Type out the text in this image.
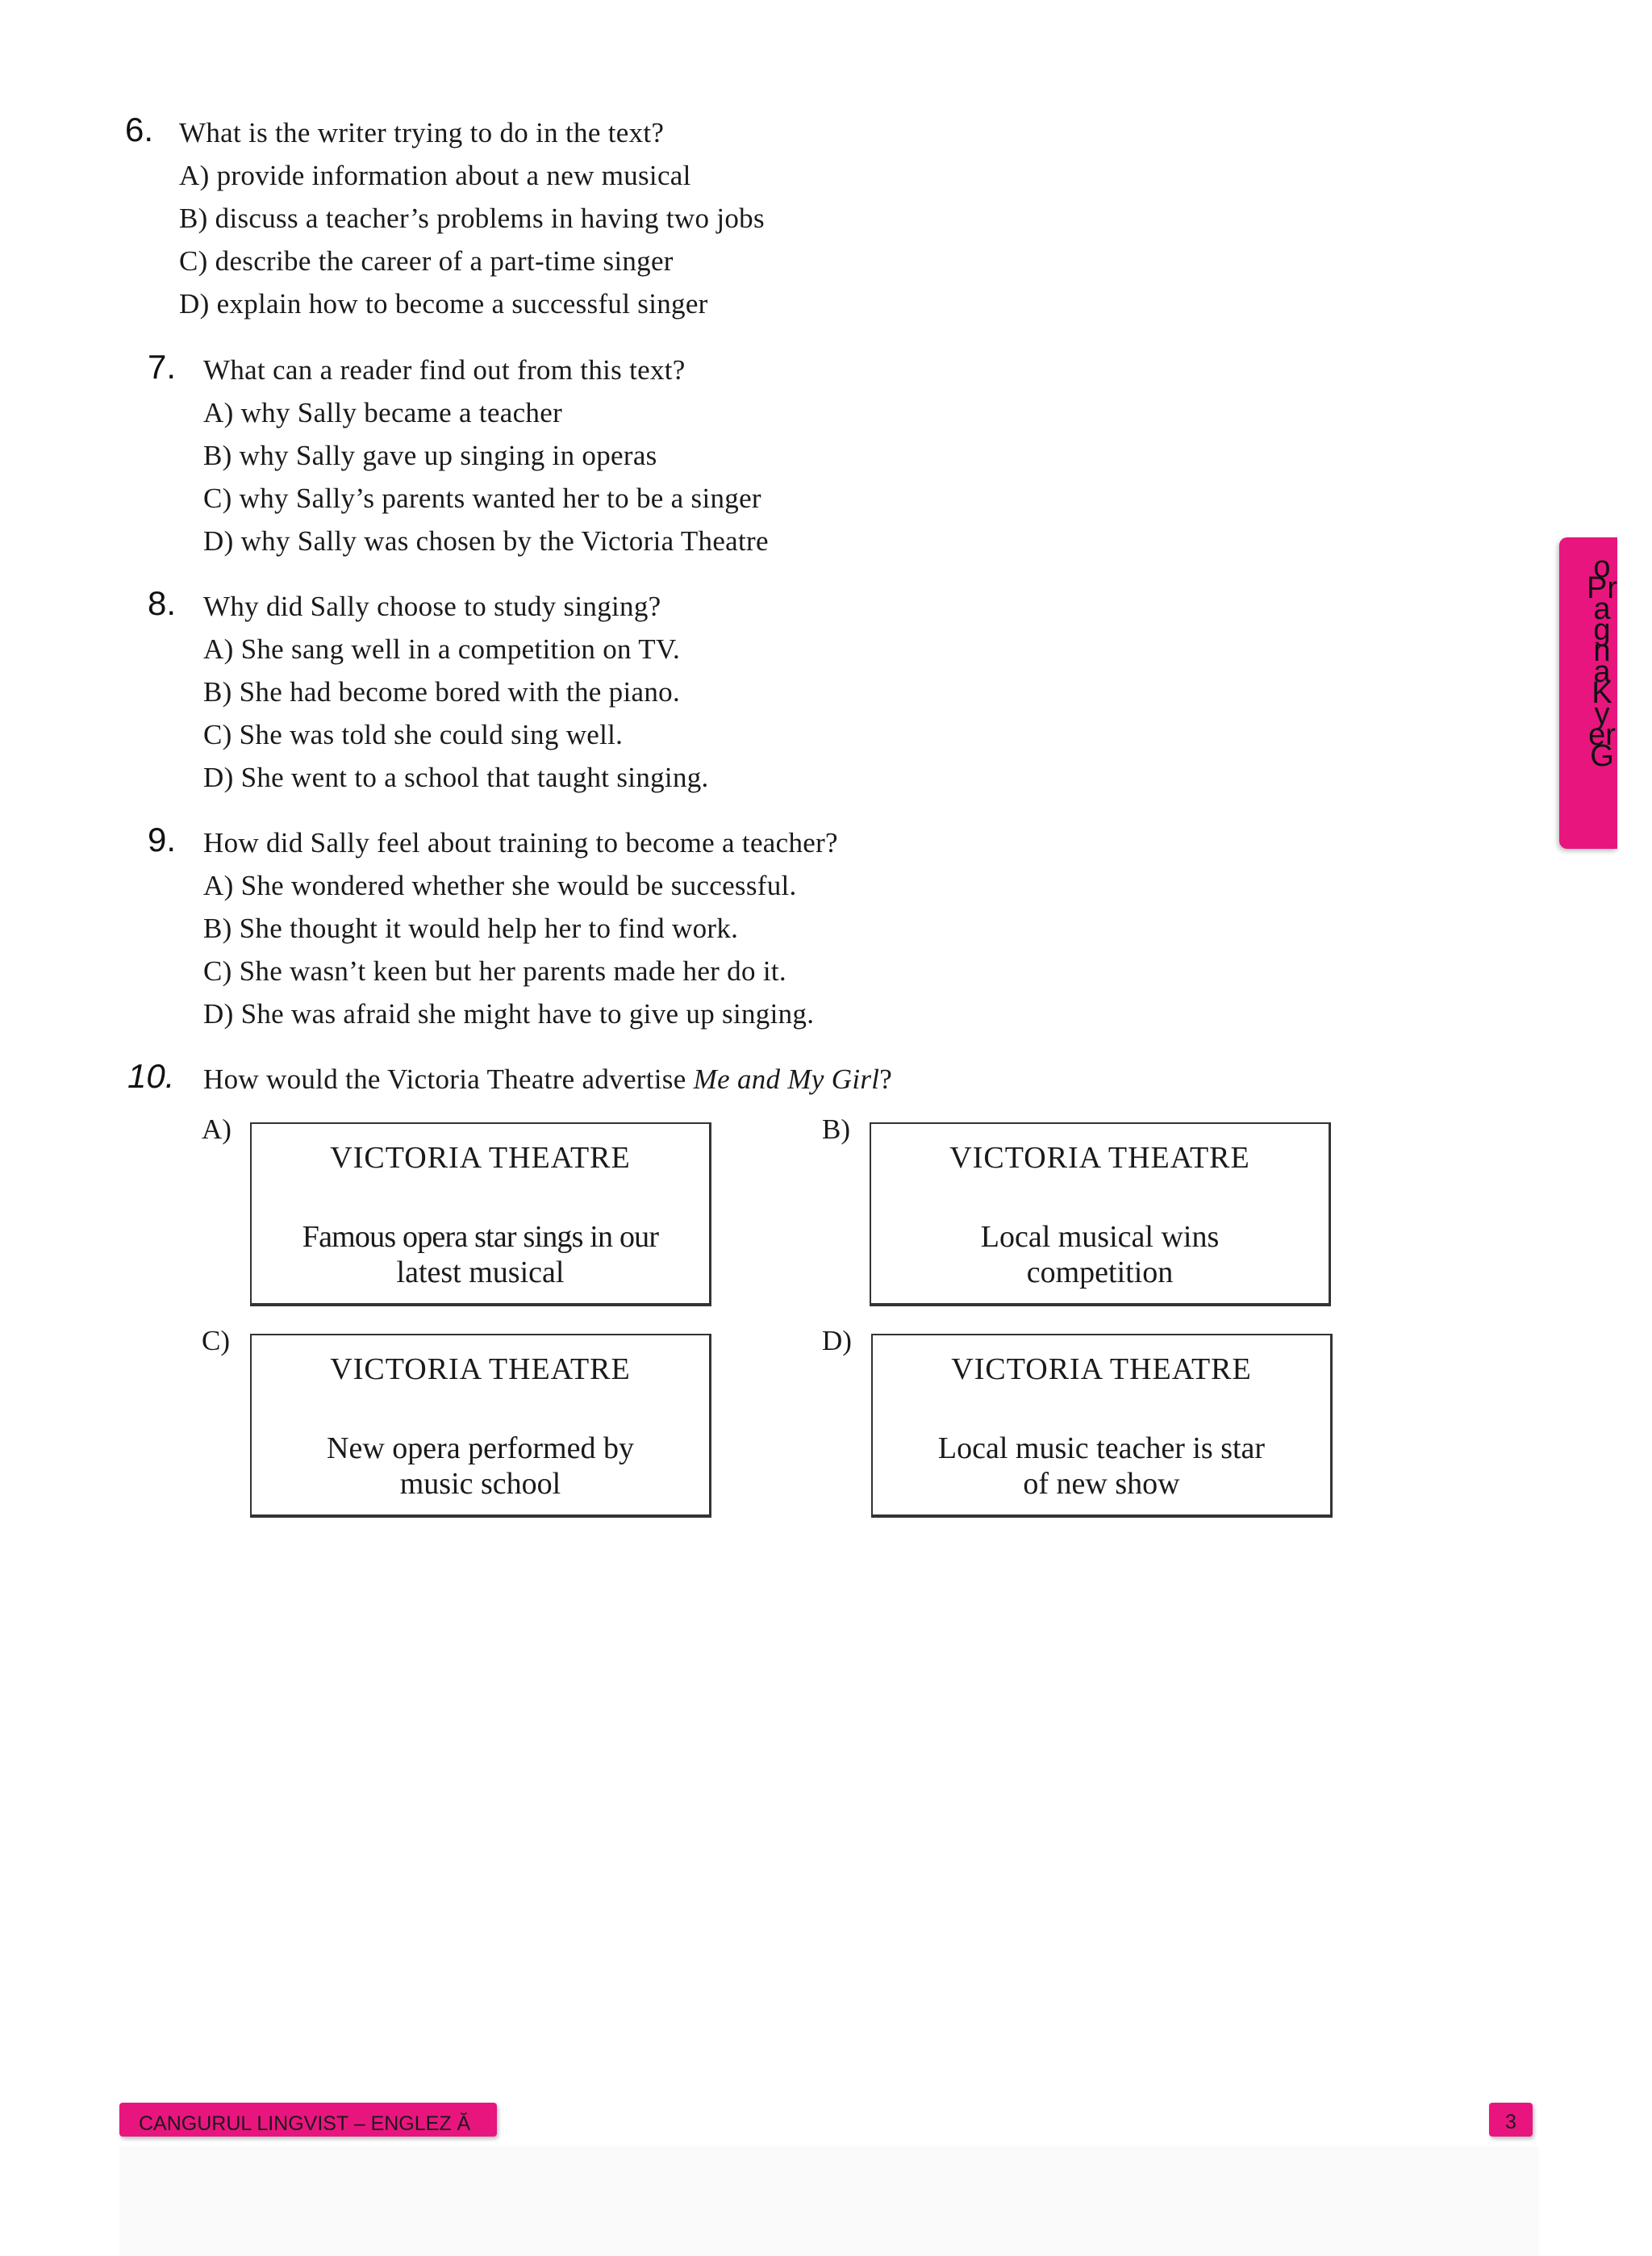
6. What is the writer trying to do in the text?
A) provide information about a new musical
B) discuss a teacher’s problems in having two jobs
C) describe the career of a part-time singer
D) explain how to become a successful singer
7. What can a reader find out from this text?
A) why Sally became a teacher
B) why Sally gave up singing in operas
C) why Sally’s parents wanted her to be a singer
D) why Sally was chosen by the Victoria Theatre
8. Why did Sally choose to study singing?
A) She sang well in a competition on TV.
B) She had become bored with the piano.
C) She was told she could sing well.
D) She went to a school that taught singing.
9. How did Sally feel about training to become a teacher?
A) She wondered whether she would be successful.
B) She thought it would help her to find work.
C) She wasn’t keen but her parents made her do it.
D) She was afraid she might have to give up singing.
10. How would the Victoria Theatre advertise Me and My Girl?
A)
VICTORIA THEATRE
Famous opera star sings in our
latest musical
B)
VICTORIA THEATRE
Local musical wins
competition
C)
VICTORIA THEATRE
New opera performed by
music school
D)
VICTORIA THEATRE
Local music teacher is star
of new show
oPragnaKyerG
CANGURUL LINGVIST – ENGLEZ Ă	3
